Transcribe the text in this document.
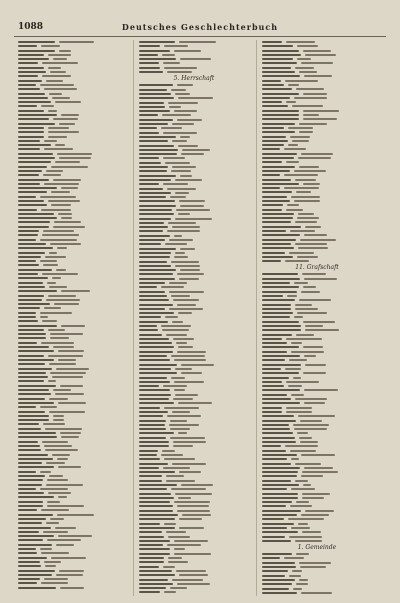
1088	Deutsches Geschlechterbuch
5. Herrschaft
11. Grafschaft
1. Gemeinde
